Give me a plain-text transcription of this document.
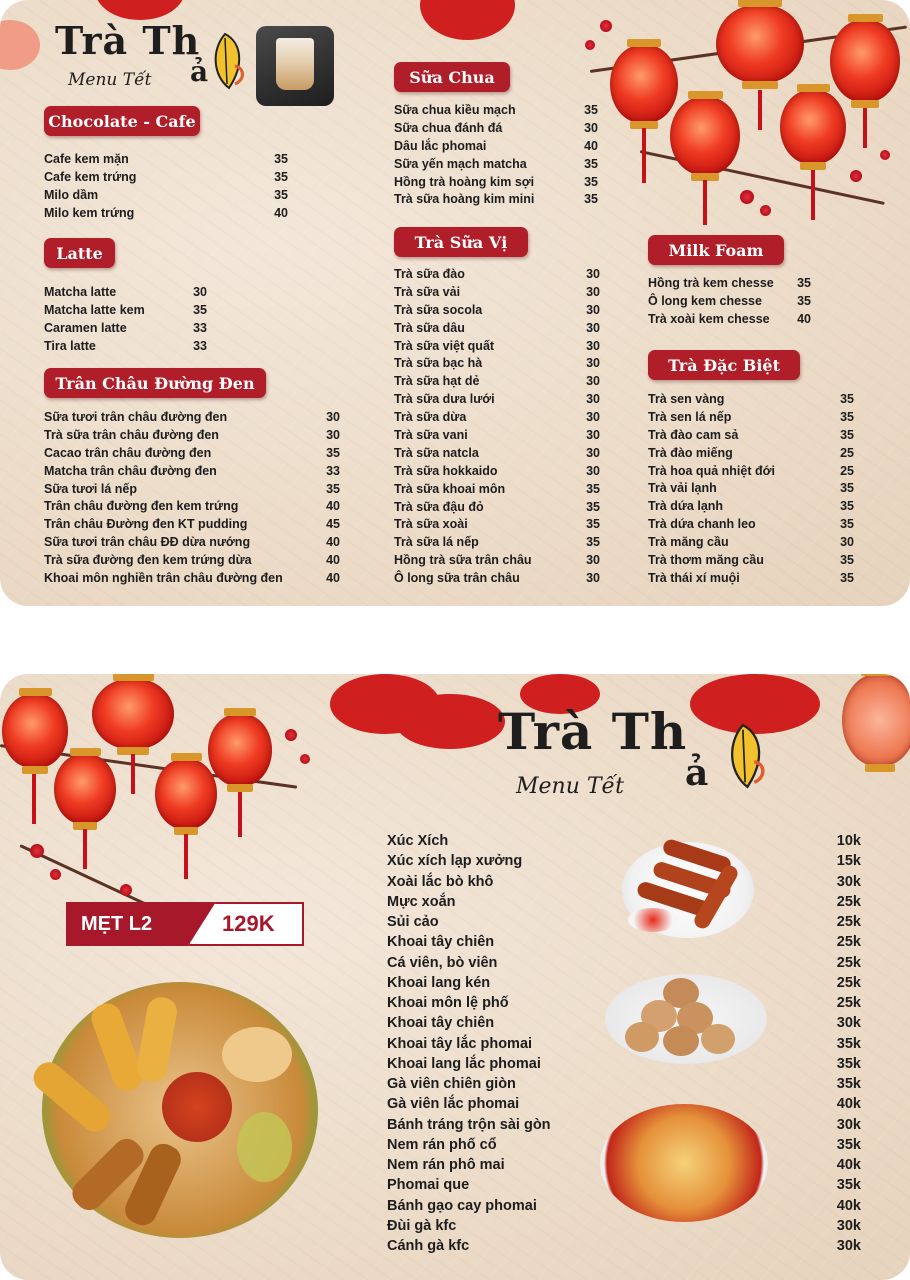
Trà Th
Menu Tết ả
Chocolate - Cafe
Cafe kem mặn	35
Cafe kem trứng	35
Milo dầm	35
Milo kem trứng	40
Latte
Matcha latte	30
Matcha latte kem	35
Caramen latte	33
Tira latte	33
Trân Châu Đường Đen
Sữa tươi trân châu đường đen	30
Trà sữa trân châu đường đen	30
Cacao trân châu đường đen	35
Matcha trân châu đường đen	33
Sữa tươi lá nếp	35
Trân châu đường đen kem trứng	40
Trân châu Đường đen KT pudding	45
Sữa tươi trân châu ĐĐ dừa nướng	40
Trà sữa đường đen kem trứng dừa	40
Khoai môn nghiền trân châu đường đen	40
Sữa Chua
Sữa chua kiều mạch	35
Sữa chua đánh đá	30
Dâu lắc phomai	40
Sữa yến mạch matcha	35
Hồng trà hoàng kim sợi	35
Trà sữa hoàng kim mini	35
Trà Sữa Vị
Trà sữa đào	30
Trà sữa vải	30
Trà sữa socola	30
Trà sữa dâu	30
Trà sữa việt quất	30
Trà sữa bạc hà	30
Trà sữa hạt dẻ	30
Trà sữa dưa lưới	30
Trà sữa dừa	30
Trà sữa vani	30
Trà sữa natcla	30
Trà sữa hokkaido	30
Trà sữa khoai môn	35
Trà sữa đậu đỏ	35
Trà sữa xoài	35
Trà sữa lá nếp	35
Hồng trà sữa trân châu	30
Ô long sữa trân châu	30
Milk Foam
Hồng trà kem chesse 35
Ô long kem chesse	35
Trà xoài kem chesse 40
Trà Đặc Biệt
Trà sen vàng	35
Trà sen lá nếp	35
Trà đào cam sả	35
Trà đào miếng	25
Trà hoa quả nhiệt đới	25
Trà vải lạnh	35
Trà dứa lạnh	35
Trà dứa chanh leo	35
Trà măng cầu	30
Trà thơm măng cầu	35
Trà thái xí muội	35
Trà Th
Menu Tết ả
MẸT L2	129K
Xúc Xích	10k
Xúc xích lạp xưởng	15k
Xoài lắc bò khô	30k
Mực xoắn	25k
Sủi cảo	25k
Khoai tây chiên	25k
Cá viên, bò viên	25k
Khoai lang kén	25k
Khoai môn lệ phố	25k
Khoai tây chiên	30k
Khoai tây lắc phomai	35k
Khoai lang lắc phomai	35k
Gà viên chiên giòn	35k
Gà viên lắc phomai	40k
Bánh tráng trộn sài gòn	30k
Nem rán phố cổ	35k
Nem rán phô mai	40k
Phomai que	35k
Bánh gạo cay phomai	40k
Đùi gà kfc	30k
Cánh gà kfc	30k
